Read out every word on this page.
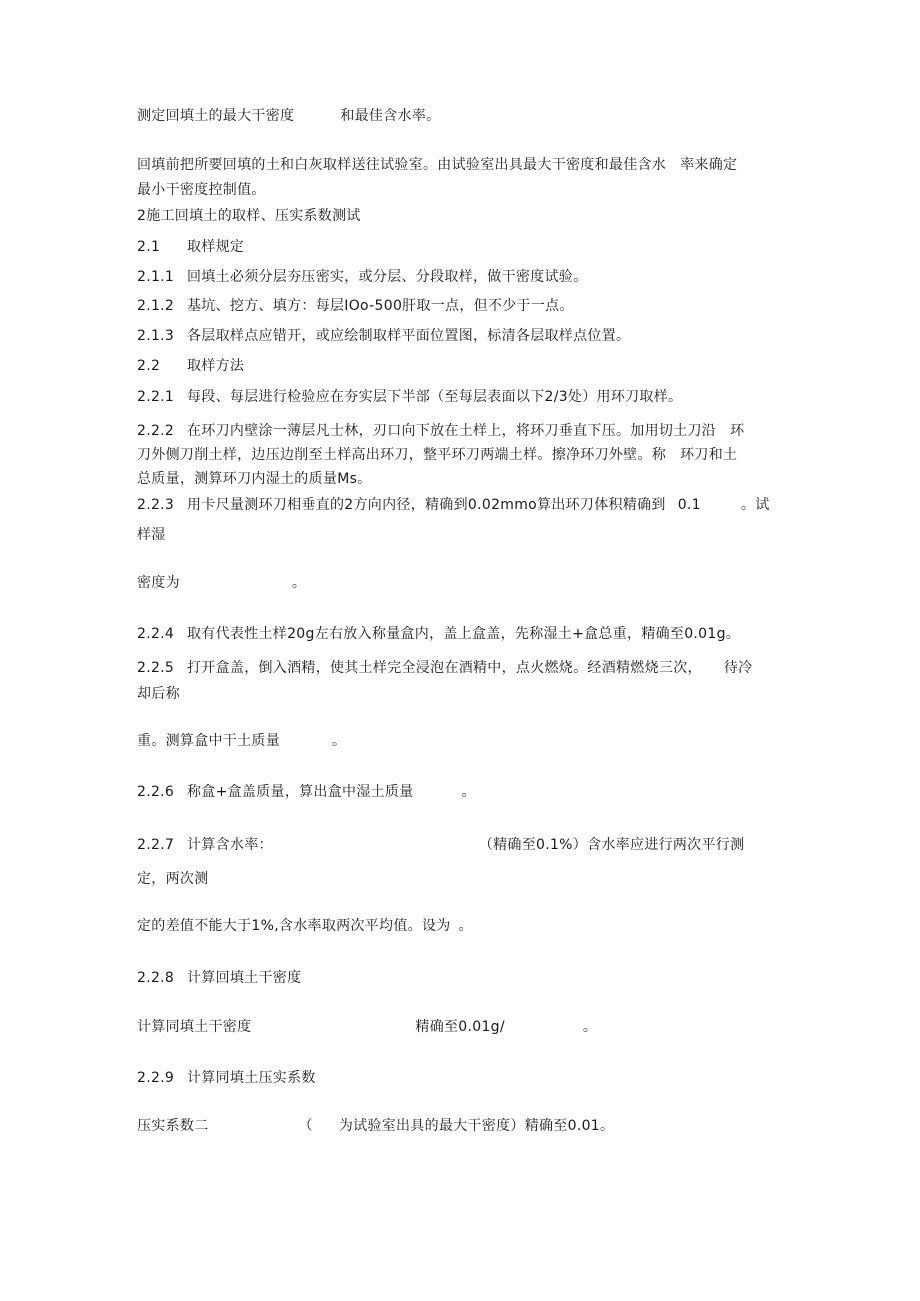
测定回填土的最大干密度	和最佳含水率。
回填前把所要回填的土和白灰取样送往试验室。由试验室出具最大干密度和最佳含水 率来确定
最小干密度控制值。
2施工回填土的取样、压实系数测试
2.1 取样规定
2.1.1 回填土必须分层夯压密实，或分层、分段取样，做干密度试验。
2.1.2 基坑、挖方、填方：每层IOo-500肝取一点，但不少于一点。
2.1.3 各层取样点应错开，或应绘制取样平面位置图，标清各层取样点位置。
2.2 取样方法
2.2.1 每段、每层进行检验应在夯实层下半部（至每层表面以下2/3处）用环刀取样。
2.2.2 在环刀内壁涂一薄层凡士林，刃口向下放在土样上，将环刀垂直下压。加用切土刀沿 环
刀外侧刀削土样，边压边削至土样高出环刀，整平环刀两端土样。擦净环刀外壁。称 环刀和土
总质量，测算环刀内湿土的质量Ms。
2.2.3 用卡尺量测环刀相垂直的2方向内径，精确到0.02mmo算出环刀体积精确到 0.1	。试
样湿
密度为	。
2.2.4 取有代表性土样20g左右放入称量盒内，盖上盒盖，先称湿土+盒总重，精确至0.01g。
2.2.5 打开盒盖，倒入酒精，使其土样完全浸泡在酒精中，点火燃烧。经酒精燃烧三次， 待冷
却后称
重。测算盒中干土质量	。
2.2.6 称盒+盒盖质量，算出盒中湿土质量	。
2.2.7 计算含水率：	（精确至0.1%）含水率应进行两次平行测
定，两次测
定的差值不能大于1%,含水率取两次平均值。设为 。
2.2.8 计算回填土干密度
计算同填土干密度	精确至0.01g/	。
2.2.9 计算同填土压实系数
压实系数二	（ 为试验室出具的最大干密度）精确至0.01。
